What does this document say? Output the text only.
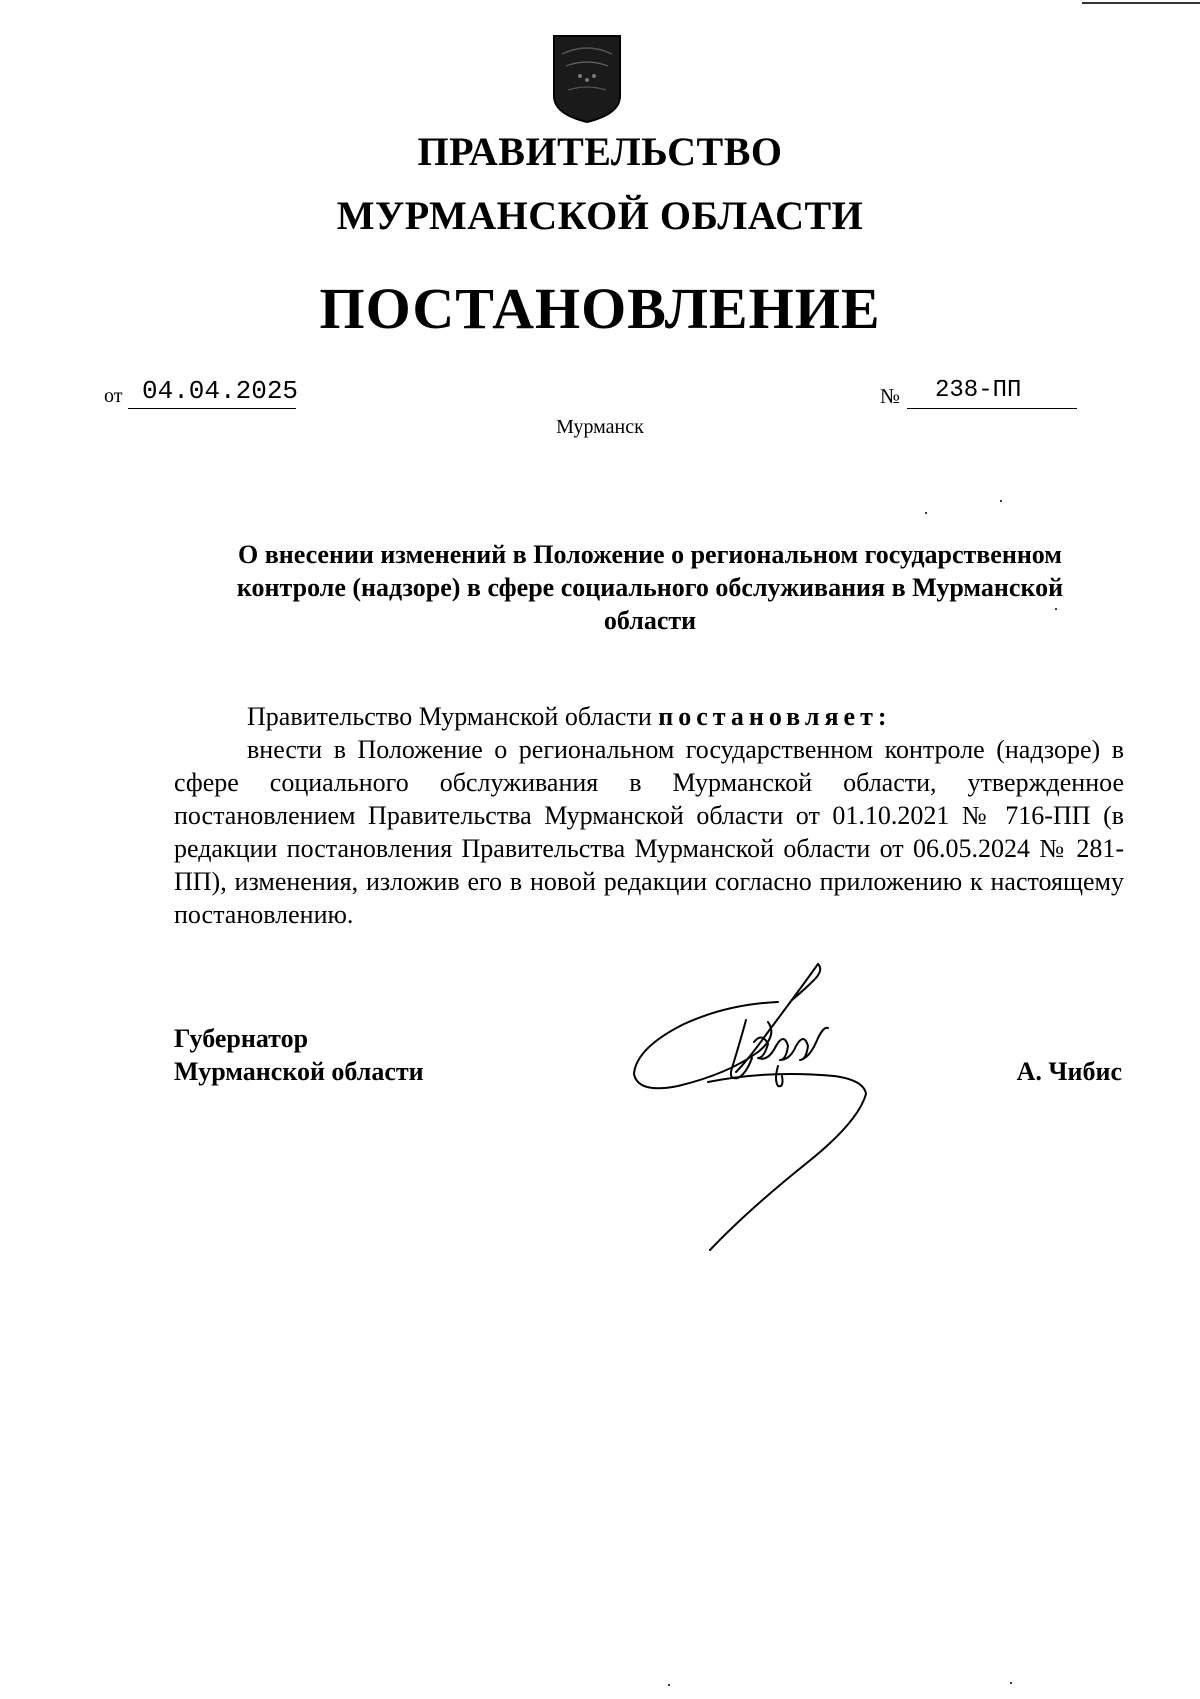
ПРАВИТЕЛЬСТВО
МУРМАНСКОЙ ОБЛАСТИ
ПОСТАНОВЛЕНИЕ
от 04.04.2025	№	238-ПП
Мурманск
О внесении изменений в Положение о региональном государственном контроле (надзоре) в сфере социального обслуживания в Мурманской области
Правительство Мурманской области постановляет:
внести в Положение о региональном государственном контроле (надзоре) в сфере социального обслуживания в Мурманской области, утвержденное постановлением Правительства Мурманской области от 01.10.2021 № 716-ПП (в редакции постановления Правительства Мурманской области от 06.05.2024 № 281-ПП), изменения, изложив его в новой редакции согласно приложению к настоящему постановлению.
Губернатор
Мурманской области	А. Чибис
